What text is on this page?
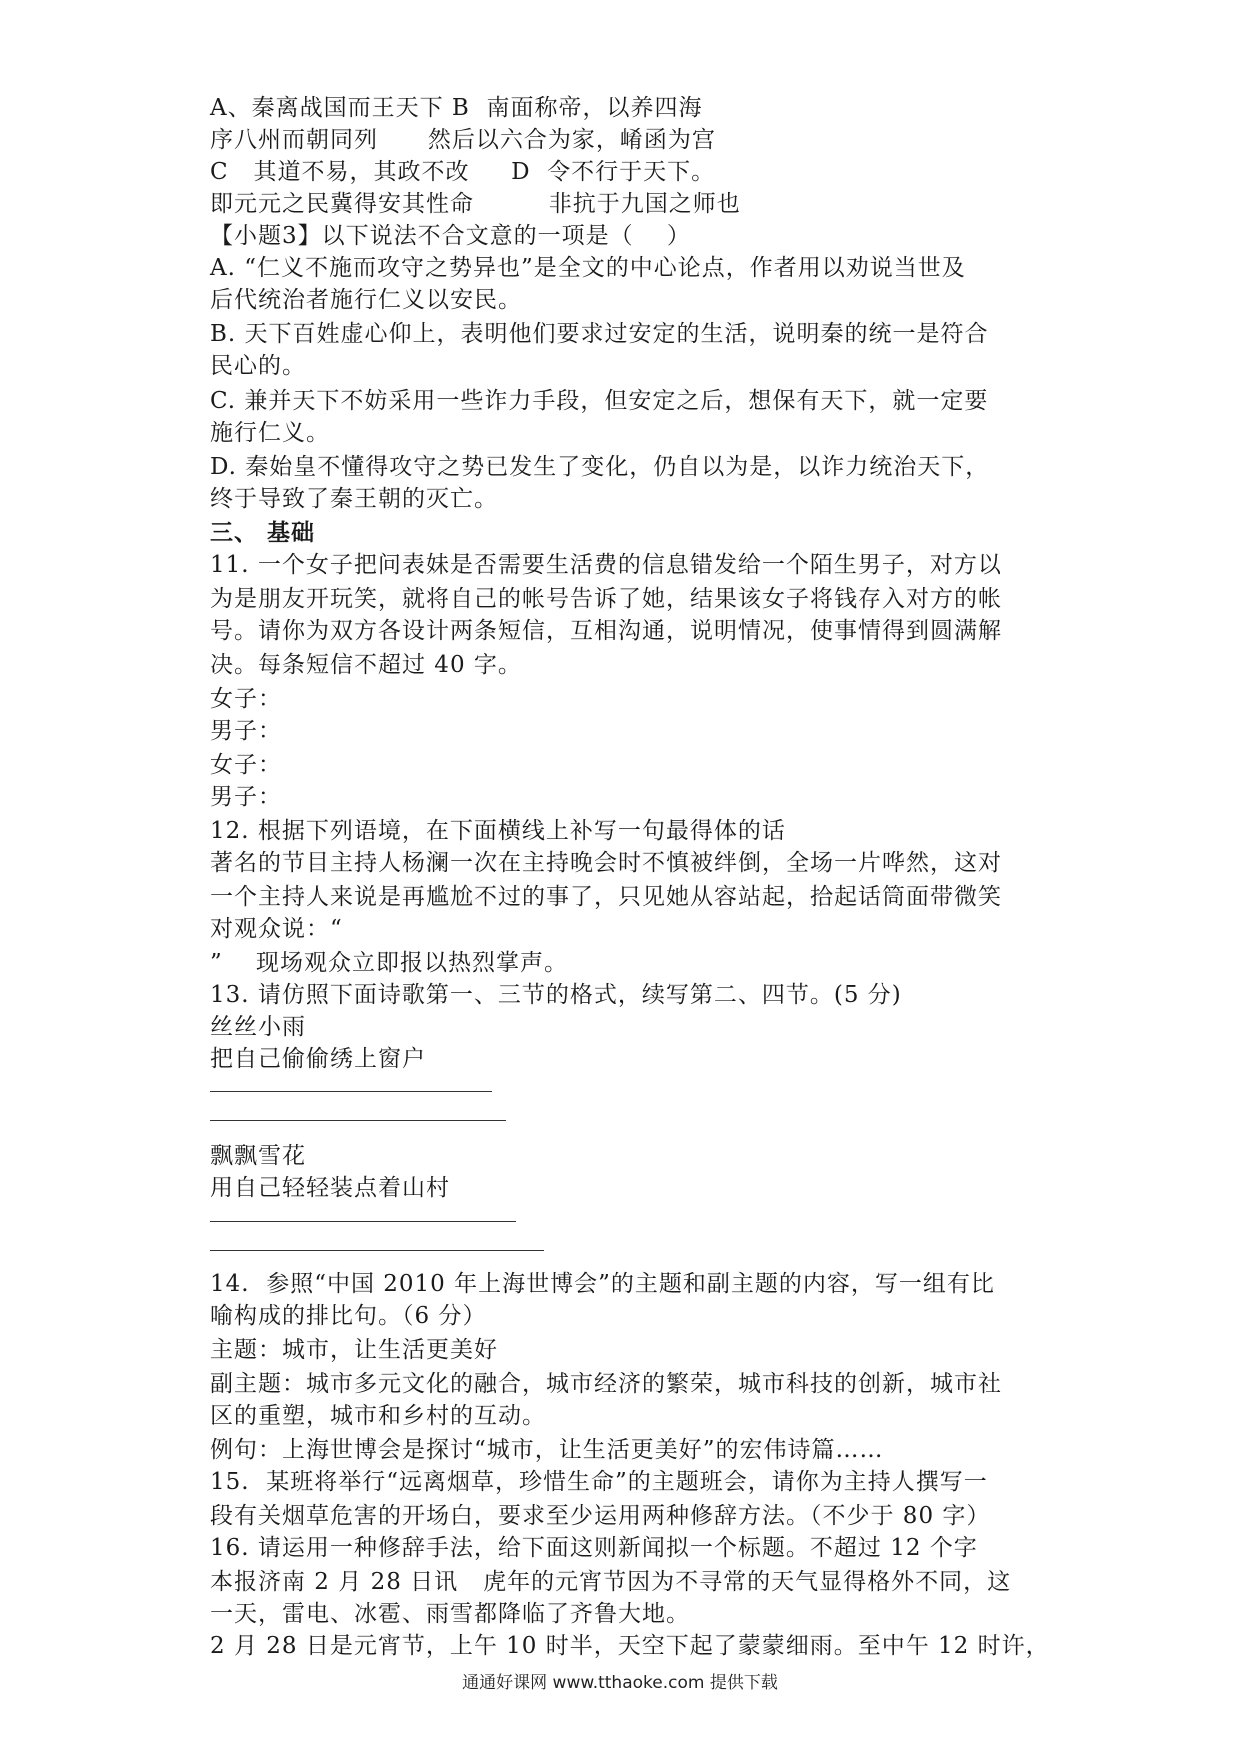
A、秦离战国而王天下 B  南面称帝，以养四海
序八州而朝同列      然后以六合为家，崤函为宫
C   其道不易，其政不改     D  令不行于天下。
即元元之民冀得安其性命         非抗于九国之师也
【小题3】以下说法不合文意的一项是（    ）
A. “仁义不施而攻守之势异也”是全文的中心论点，作者用以劝说当世及
后代统治者施行仁义以安民。
B. 天下百姓虚心仰上，表明他们要求过安定的生活，说明秦的统一是符合
民心的。
C. 兼并天下不妨采用一些诈力手段，但安定之后，想保有天下，就一定要
施行仁义。
D. 秦始皇不懂得攻守之势已发生了变化，仍自以为是，以诈力统治天下，
终于导致了秦王朝的灭亡。
三、 基础
11. 一个女子把问表妹是否需要生活费的信息错发给一个陌生男子，对方以
为是朋友开玩笑，就将自己的帐号告诉了她，结果该女子将钱存入对方的帐
号。请你为双方各设计两条短信，互相沟通，说明情况，使事情得到圆满解
决。每条短信不超过 40 字。
女子：
男子：
女子：
男子：
12. 根据下列语境，在下面横线上补写一句最得体的话
著名的节目主持人杨澜一次在主持晚会时不慎被绊倒，全场一片哗然，这对
一个主持人来说是再尴尬不过的事了，只见她从容站起，拾起话筒面带微笑
对观众说：“
”    现场观众立即报以热烈掌声。
13. 请仿照下面诗歌第一、三节的格式，续写第二、四节。(5 分)
丝丝小雨
把自己偷偷绣上窗户
飘飘雪花
用自己轻轻装点着山村
14.  参照“中国 2010 年上海世博会”的主题和副主题的内容，写一组有比
喻构成的排比句。（6 分）
主题：城市，让生活更美好
副主题：城市多元文化的融合，城市经济的繁荣，城市科技的创新，城市社
区的重塑，城市和乡村的互动。
例句：上海世博会是探讨“城市，让生活更美好”的宏伟诗篇……
15.  某班将举行“远离烟草，珍惜生命”的主题班会，请你为主持人撰写一
段有关烟草危害的开场白，要求至少运用两种修辞方法。（不少于 80 字）
16. 请运用一种修辞手法，给下面这则新闻拟一个标题。不超过 12 个字
本报济南 2 月 28 日讯   虎年的元宵节因为不寻常的天气显得格外不同，这
一天，雷电、冰雹、雨雪都降临了齐鲁大地。
2 月 28 日是元宵节，上午 10 时半，天空下起了蒙蒙细雨。至中午 12 时许，
通通好课网 www.tthaoke.com 提供下载
